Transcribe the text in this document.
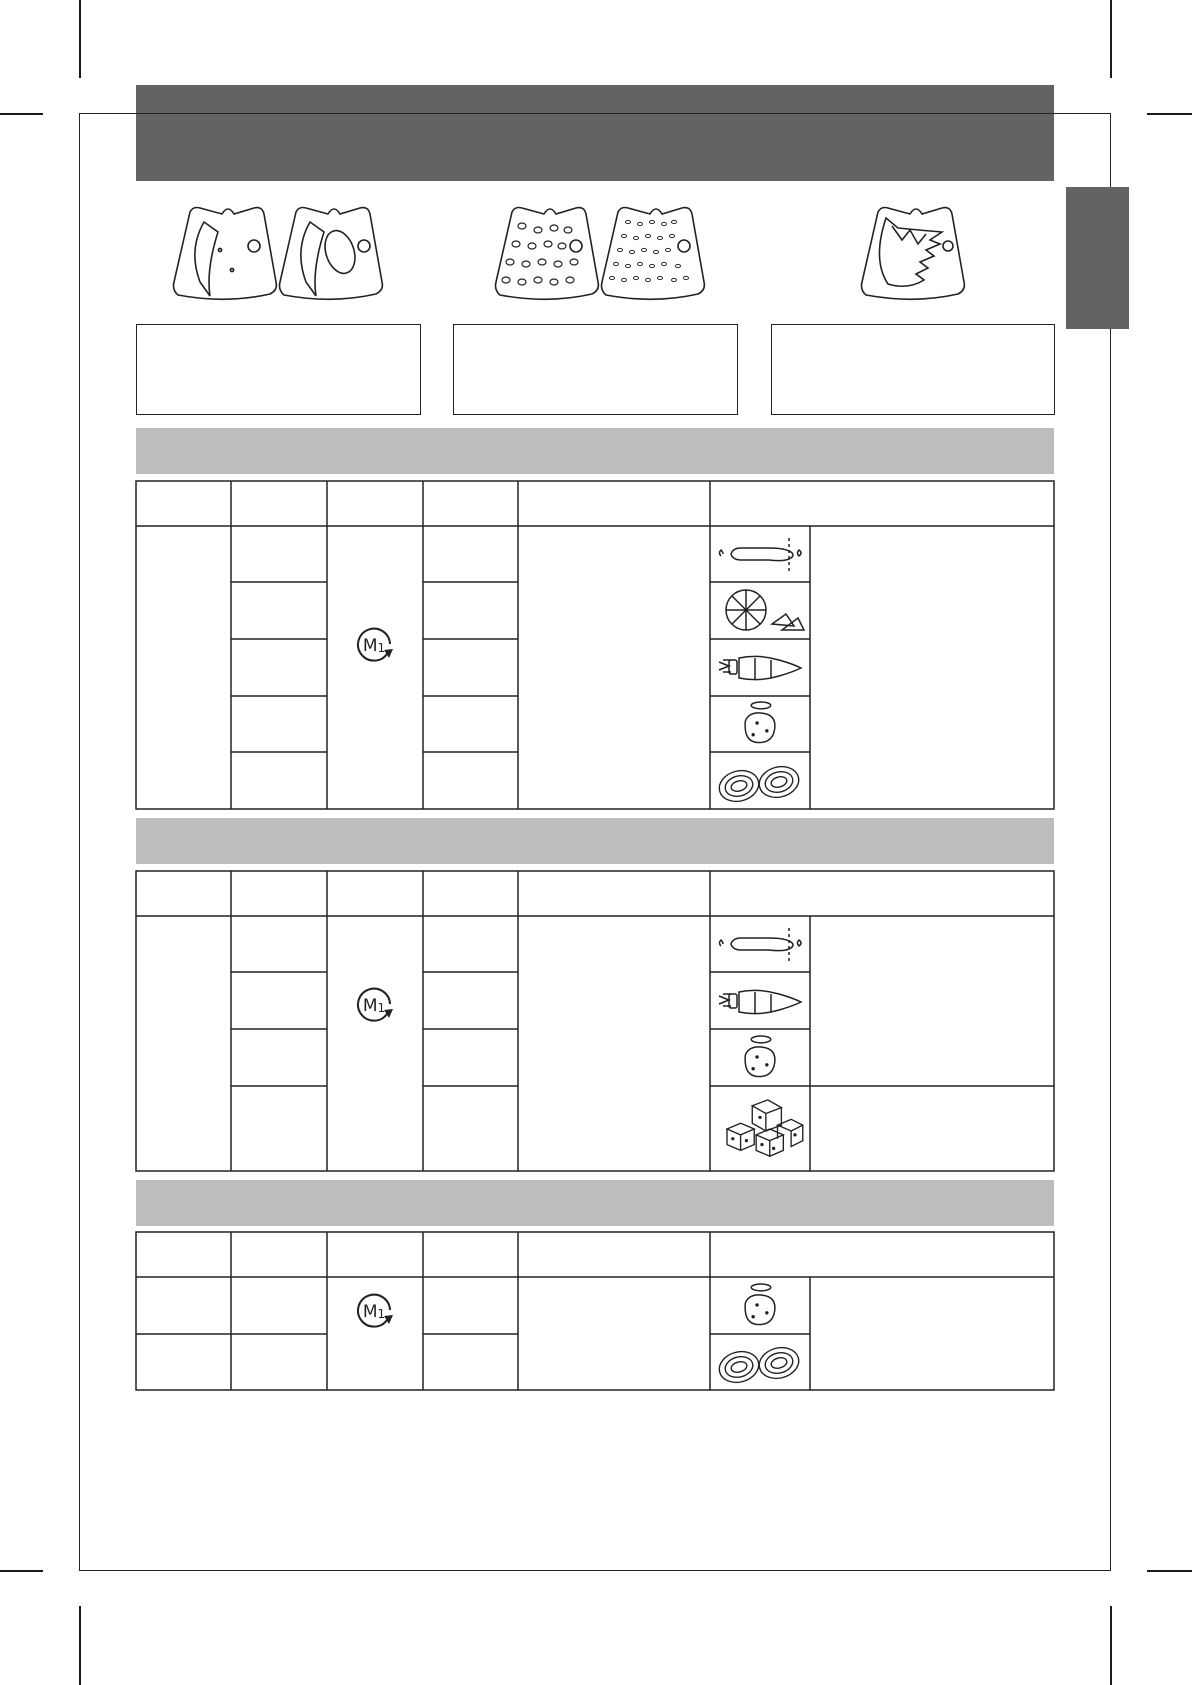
M1
M1
M1
